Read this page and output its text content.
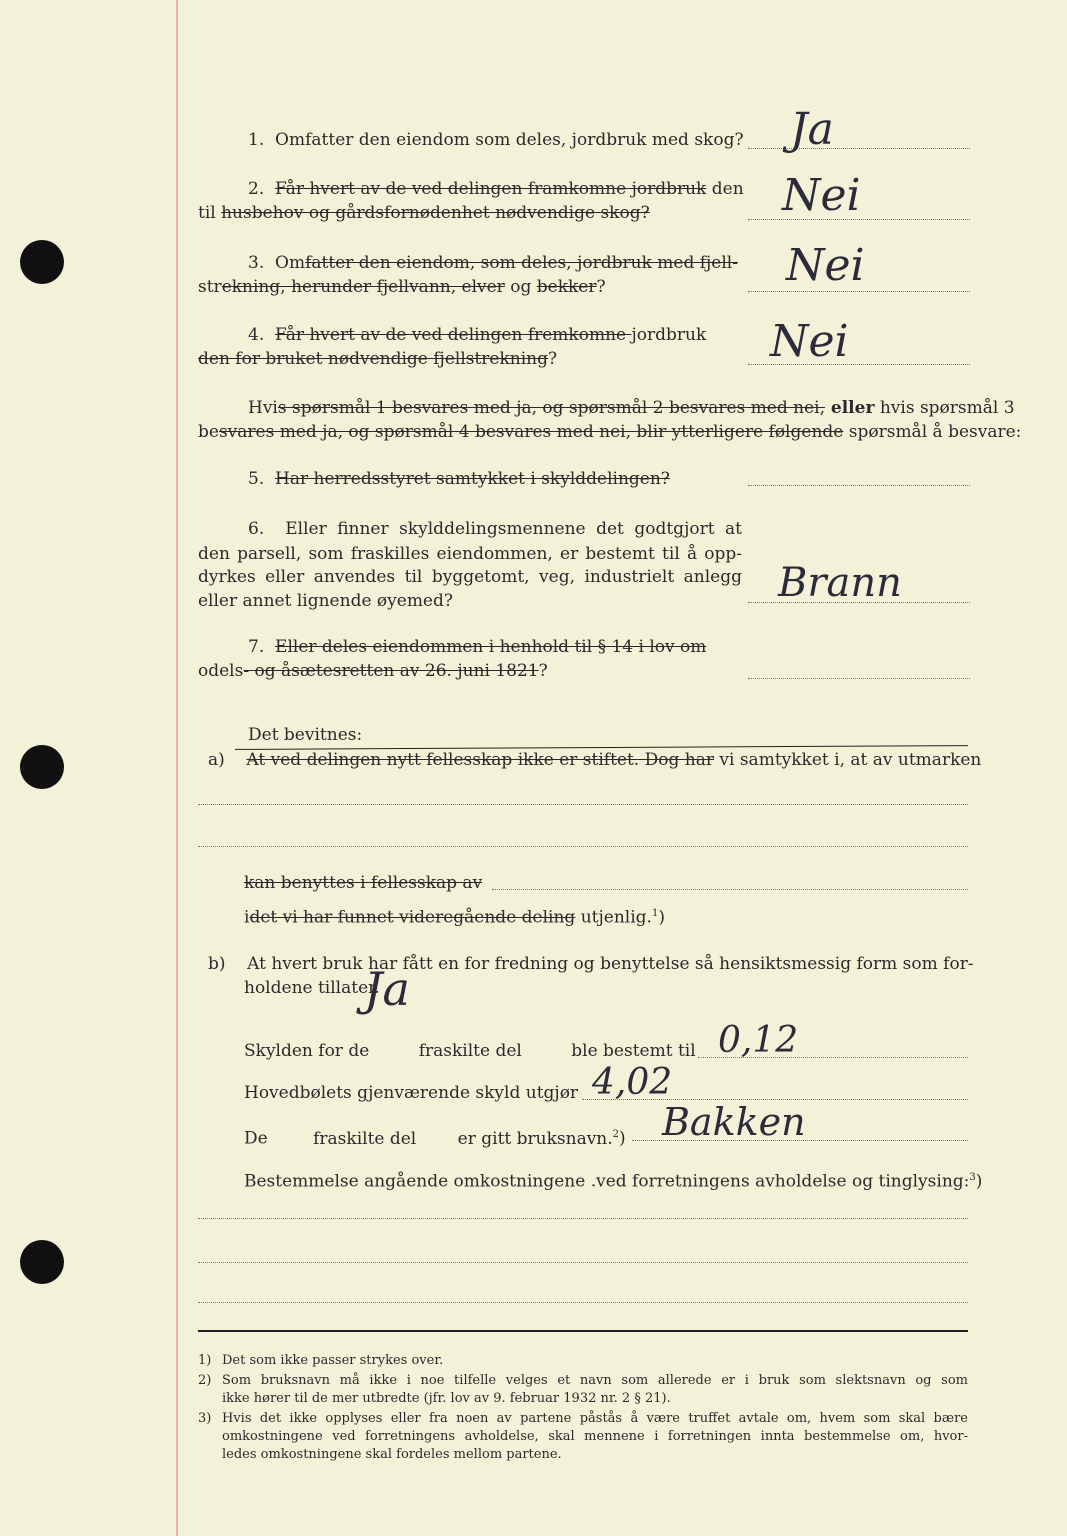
1. Omfatter den eiendom som deles, jordbruk med skog? Ja
2. Får hvert av de ved delingen framkomne jordbruk den
til husbehov og gårdsfornødenhet nødvendige skog?	Nei
3. Omfatter den eiendom, som deles, jordbruk med fjell-
strekning, herunder fjellvann, elver og bekker?	Nei
4. Får hvert av de ved delingen fremkomne jordbruk
den for bruket nødvendige fjellstrekning?	Nei
Hvis spørsmål 1 besvares med ja, og spørsmål 2 besvares med nei, eller hvis spørsmål 3
besvares med ja, og spørsmål 4 besvares med nei, blir ytterligere følgende spørsmål å besvare:
5. Har herredsstyret samtykket i skylddelingen?
6. Eller finner skylddelingsmennene det godtgjort at
den parsell, som fraskilles eiendommen, er bestemt til å opp-
dyrkes eller anvendes til byggetomt, veg, industrielt anlegg
eller annet lignende øyemed?	Brann
7. Eller deles eiendommen i henhold til § 14 i lov om
odels- og åsætesretten av 26. juni 1821?
Det bevitnes:
a) At ved delingen nytt fellesskap ikke er stiftet. Dog har vi samtykket i, at av utmarken
kan benyttes i fellesskap av
idet vi har funnet videregående deling utjenlig.$^1$)
b) At hvert bruk har fått en for fredning og benyttelse så hensiktsmessig form som for-
holdene tillater.
Ja
Skylden for de	fraskilte del	ble bestemt til 0,12
Hovedbølets gjenværende skyld utgjør 4,02
De	fraskilte del er gitt bruksnavn.$^2$) Bakken
Bestemmelse angående omkostningene .ved forretningens avholdelse og tinglysing:$^3$)
1) Det som ikke passer strykes over.
2) Som bruksnavn må ikke i noe tilfelle velges et navn som allerede er i bruk som slektsnavn og som
ikke hører til de mer utbredte (jfr. lov av 9. februar 1932 nr. 2 § 21).
3) Hvis det ikke opplyses eller fra noen av partene påstås å være truffet avtale om, hvem som skal bære
omkostningene ved forretningens avholdelse, skal mennene i forretningen innta bestemmelse om, hvor-
ledes omkostningene skal fordeles mellom partene.
